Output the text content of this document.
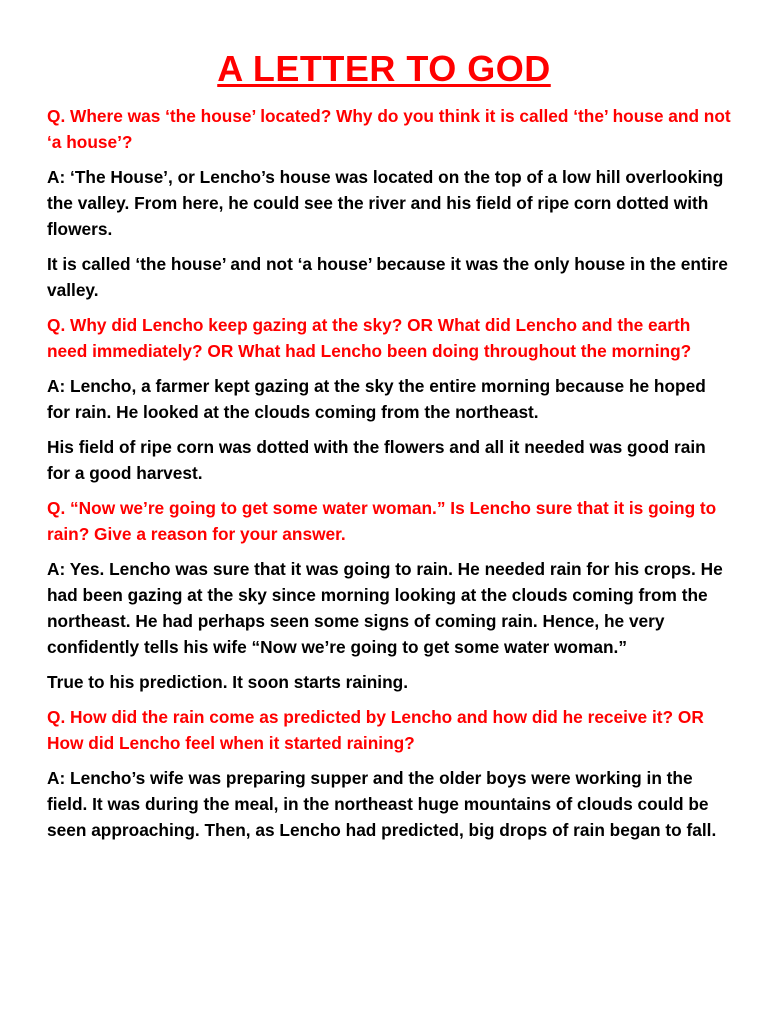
A LETTER TO GOD

Q. Where was ‘the house’ located? Why do you think it is called ‘the’ house and not ‘a house’?

A: ‘The House’, or Lencho’s house was located on the top of a low hill overlooking the valley. From here, he could see the river and his field of ripe corn dotted with flowers.

It is called ‘the house’ and not ‘a house’ because it was the only house in the entire valley.

Q. Why did Lencho keep gazing at the sky? OR What did Lencho and the earth need immediately? OR What had Lencho been doing throughout the morning?

A: Lencho, a farmer kept gazing at the sky the entire morning because he hoped for rain. He looked at the clouds coming from the northeast.

His field of ripe corn was dotted with the flowers and all it needed was good rain for a good harvest.

Q. “Now we’re going to get some water woman.” Is Lencho sure that it is going to rain? Give a reason for your answer.

A: Yes. Lencho was sure that it was going to rain. He needed rain for his crops. He had been gazing at the sky since morning looking at the clouds coming from the northeast. He had perhaps seen some signs of coming rain. Hence, he very confidently tells his wife “Now we’re going to get some water woman.”

True to his prediction. It soon starts raining.

Q. How did the rain come as predicted by Lencho and how did he receive it? OR How did Lencho feel when it started raining?

A: Lencho’s wife was preparing supper and the older boys were working in the field. It was during the meal, in the northeast huge mountains of clouds could be seen approaching. Then, as Lencho had predicted, big drops of rain began to fall.
